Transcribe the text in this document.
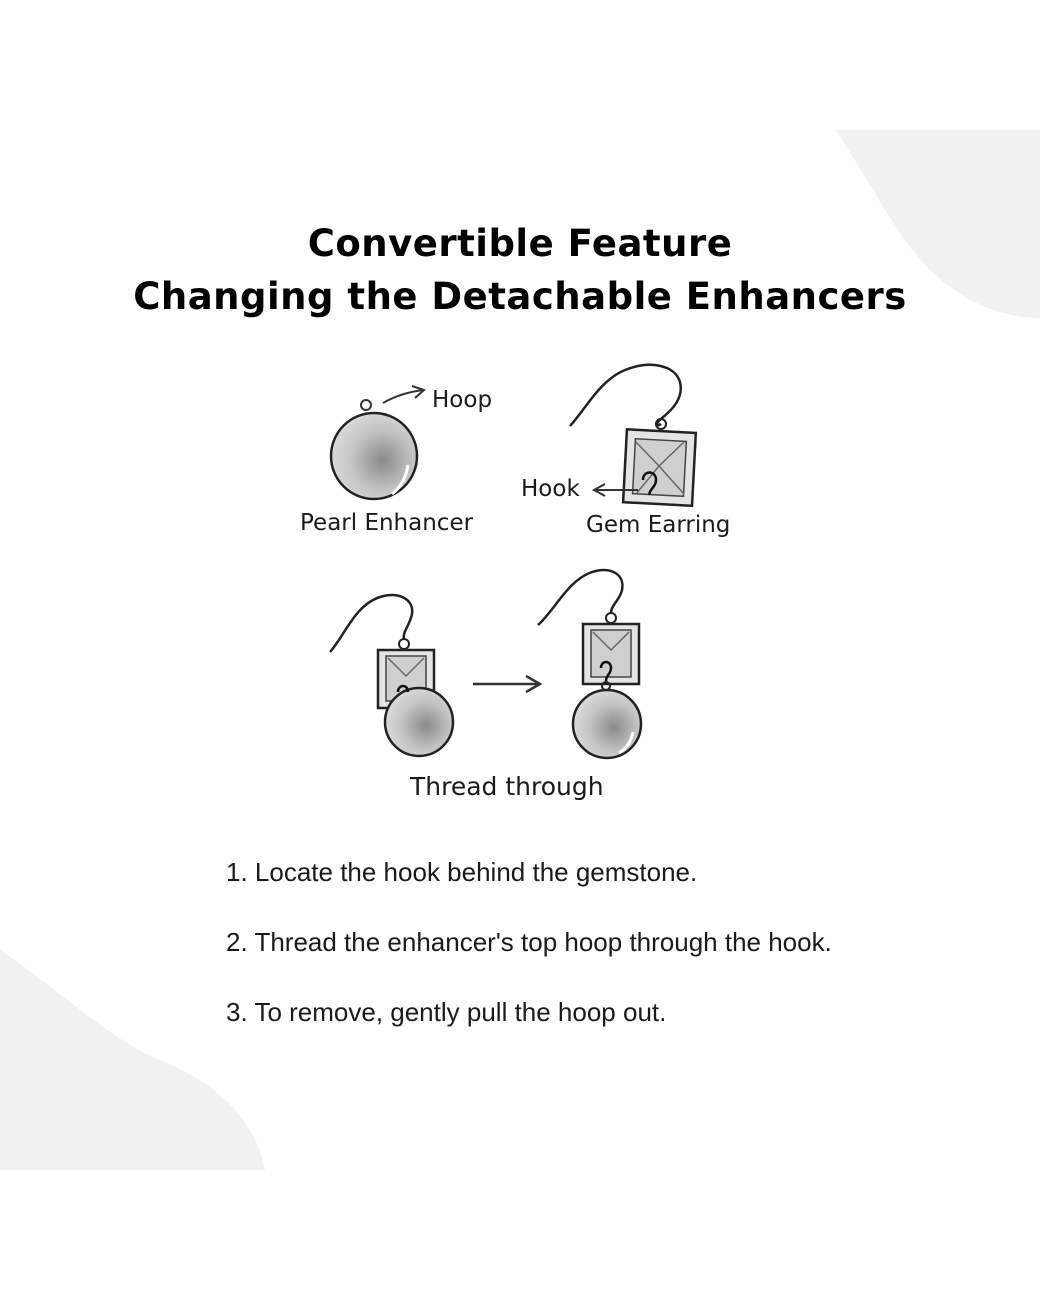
Convertible Feature
Changing the Detachable Enhancers
Hoop
Pearl Enhancer
Hook
Gem Earring
Thread through
1. Locate the hook behind the gemstone.
2. Thread the enhancer's top hoop through the hook.
3. To remove, gently pull the hoop out.
